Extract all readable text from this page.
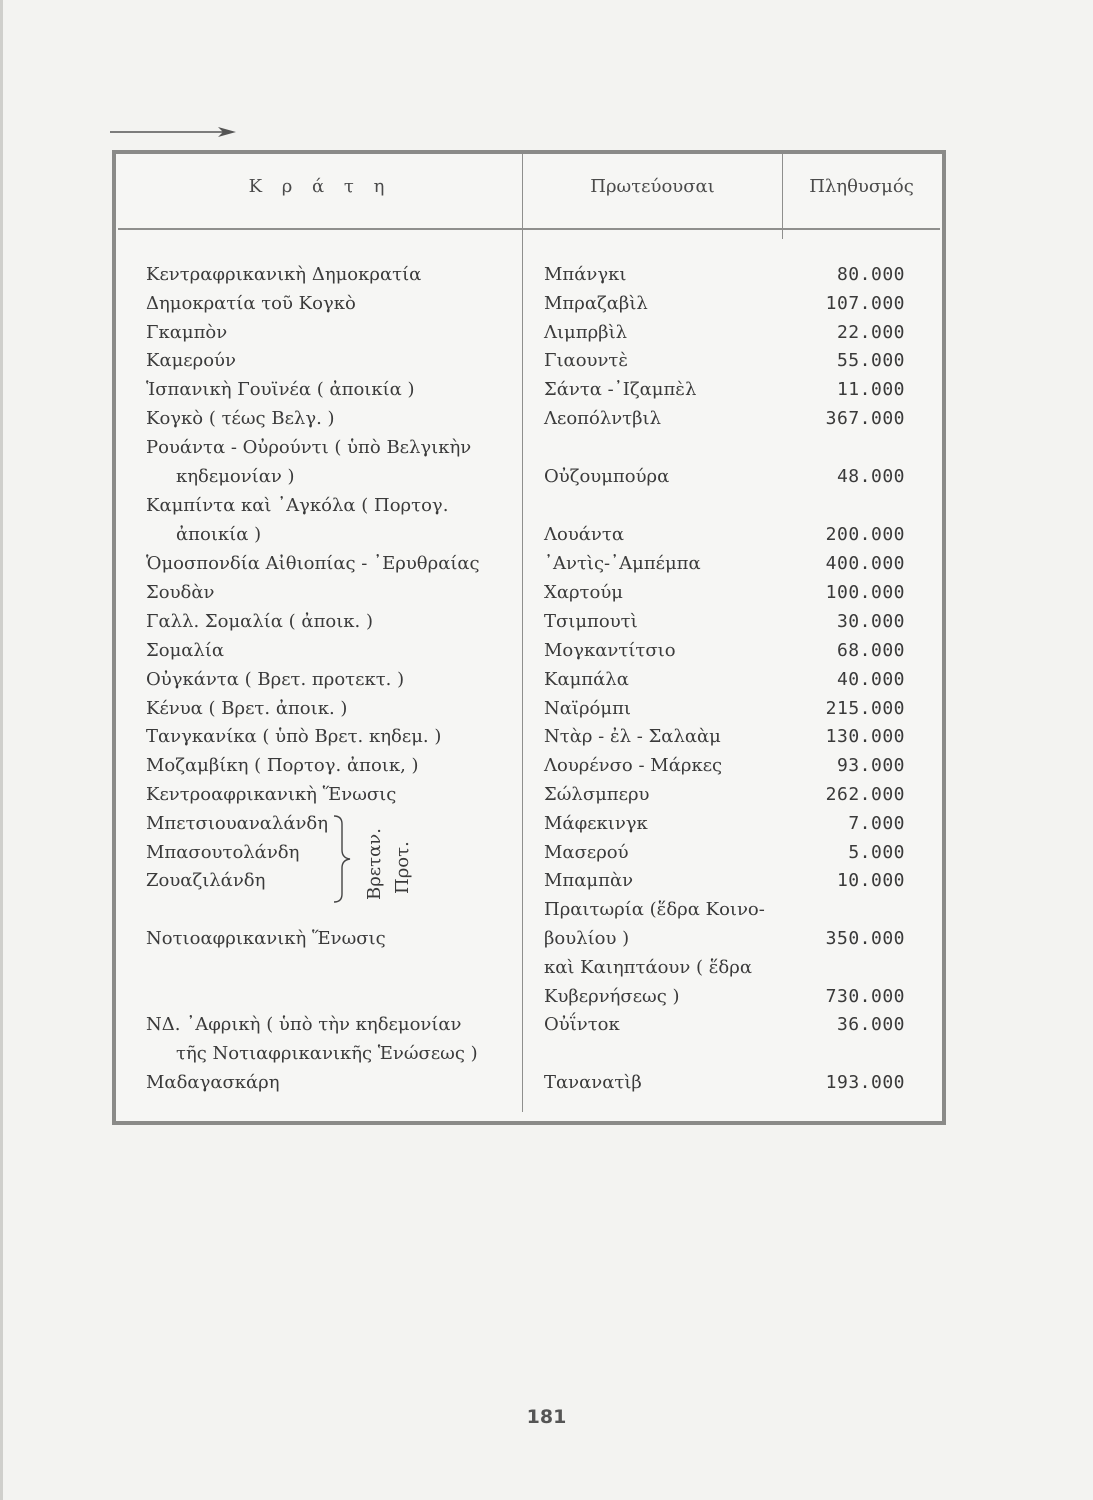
Κ ρ ά τ η	Πρωτεύουσαι	Πληθυσμός
Κεντραφρικανικὴ Δημοκρατία	Μπάνγκι	80.000
Δημοκρατία τοῦ Κογκὸ	Μπραζαβὶλ	107.000
Γκαμπὸν	Λιμπρβὶλ	22.000
Καμερούν	Γιαουντὲ	55.000
Ἱσπανικὴ Γουϊνέα ( ἀποικία )	Σάντα -᾿Ιζαμπὲλ	11.000
Κογκὸ ( τέως Βελγ. )	Λεοπόλντβιλ	367.000
Ρουάντα - Οὐρούντι ( ὑπὸ Βελγικὴν
κηδεμονίαν )	Οὐζουμπούρα	48.000
Καμπίντα καὶ ᾿Αγκόλα ( Πορτογ.
ἀποικία )	Λουάντα	200.000
Ὁμοσπονδία Αἰθιοπίας - ᾿Ερυθραίας	᾿Αντὶς-᾿Αμπέμπα	400.000
Σουδὰν	Χαρτούμ	100.000
Γαλλ. Σομαλία ( ἀποικ. )	Τσιμπουτὶ	30.000
Σομαλία	Μογκαντίτσιο	68.000
Οὐγκάντα ( Βρετ. προτεκτ. )	Καμπάλα	40.000
Κένυα ( Βρετ. ἀποικ. )	Ναϊρόμπι	215.000
Τανγκανίκα ( ὑπὸ Βρετ. κηδεμ. )	Ντὰρ - ἐλ - Σαλαὰμ	130.000
Μοζαμβίκη ( Πορτογ. ἀποικ, )	Λουρένσο - Μάρκες	93.000
Κεντροαφρικανικὴ Ἕνωσις	Σώλσμπερυ	262.000
Μπετσιουαναλάνδη	Μάφεκινγκ	7.000
Μπασουτολάνδη	Μασερού	5.000
Ζουαζιλάνδη	Μπαμπὰν	10.000
Πραιτωρία (ἕδρα Κοινο-
Νοτιοαφρικανικὴ Ἕνωσις	βουλίου )	350.000
καὶ Καιηπτάουν ( ἕδρα
Κυβερνήσεως )	730.000
ΝΔ. ᾿Αφρικὴ ( ὑπὸ τὴν κηδεμονίαν	Οὐΐντοκ	36.000
τῆς Νοτιαφρικανικῆς Ἑνώσεως )
Μαδαγασκάρη	Τανανατὶβ	193.000
Βρεταν. Προτ.
181
